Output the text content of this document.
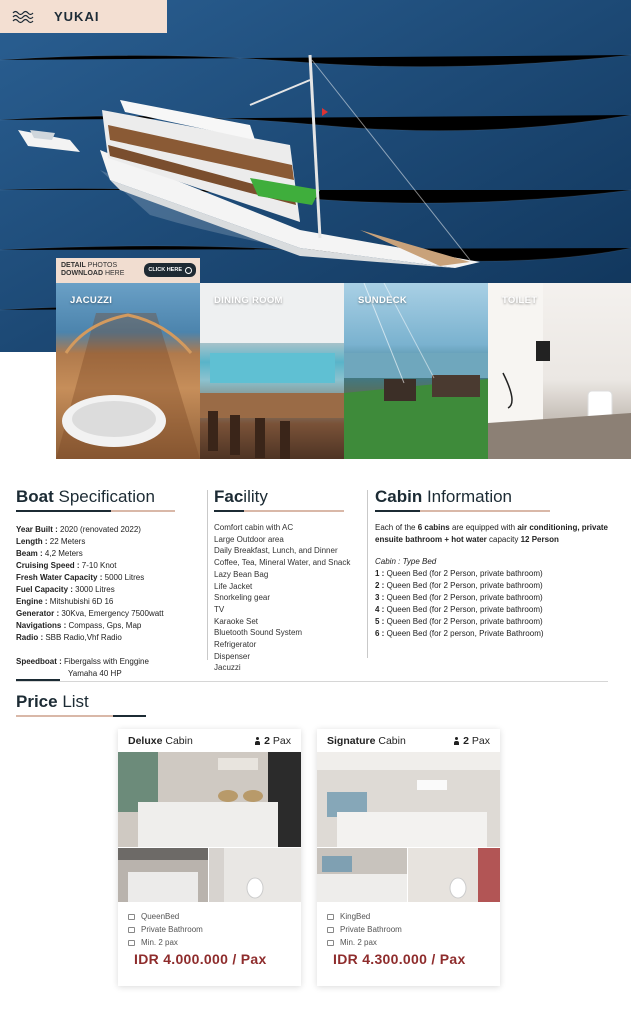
YUKAI
DETAIL PHOTOS
DOWNLOAD HERE	CLICK HERE
JACUZZI	DINING ROOM	SUNDECK	TOILET
Boat Specification
Year Built : 2020 (renovated 2022)
Length : 22 Meters
Beam : 4,2 Meters
Cruising Speed : 7-10 Knot
Fresh Water Capacity : 5000 Litres
Fuel Capacity : 3000 Litres
Engine : Mitshubishi 6D 16
Generator : 30Kva, Emergency 7500watt
Navigations : Compass, Gps, Map
Radio : SBB Radio,Vhf Radio
Speedboat : Fibergalss with Enggine
Yamaha 40 HP
Facility
Comfort cabin with AC
Large Outdoor area
Daily Breakfast, Lunch, and Dinner
Coffee, Tea, Mineral Water, and Snack
Lazy Bean Bag
Life Jacket
Snorkeling gear
TV
Karaoke Set
Bluetooth Sound System
Refrigerator
Dispenser
Jacuzzi
Cabin Information
Each of the 6 cabins are equipped with air conditioning, private ensuite bathroom + hot water capacity 12 Person
Cabin : Type Bed
1 : Queen Bed (for 2 Person, private bathroom)
2 : Queen Bed (for 2 Person, private bathroom)
3 : Queen Bed (for 2 Person, private bathroom)
4 : Queen Bed (for 2 Person, private bathroom)
5 : Queen Bed (for 2 Person, private bathroom)
6 : Queen Bed (for 2 person, Private Bathroom)
Price List
Deluxe Cabin	2 Pax
QueenBed
Private Bathroom
Min. 2 pax
IDR 4.000.000 / Pax
Signature Cabin	2 Pax
KingBed
Private Bathroom
Min. 2 pax
IDR 4.300.000 / Pax
